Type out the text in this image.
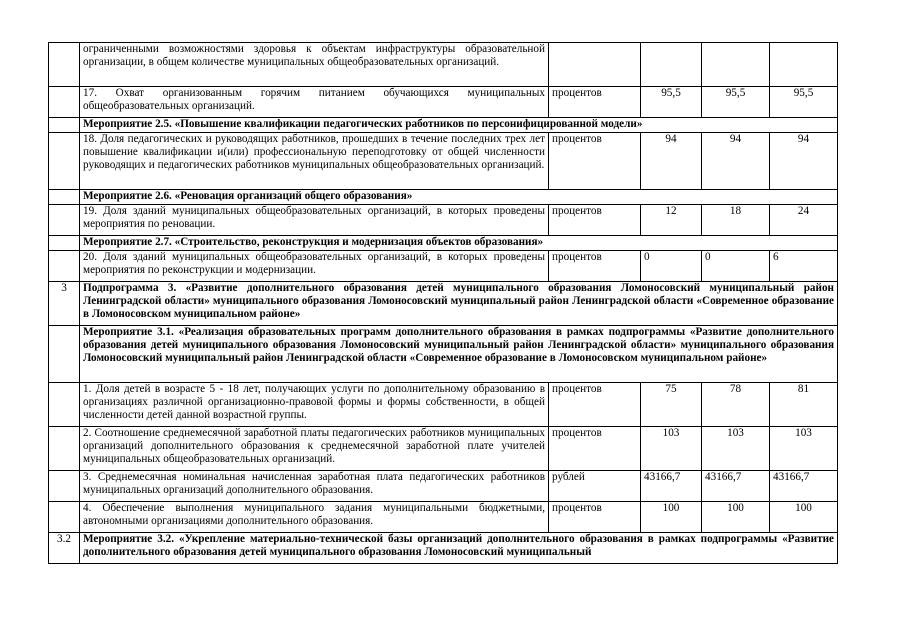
	ограниченными возможностями здоровья к объектам инфраструктуры образовательной организации, в общем количестве муниципальных общеобразовательных организаций.				
	17. Охват организованным горячим питанием обучающихся муниципальных общеобразовательных организаций.	процентов	95,5	95,5	95,5
	Мероприятие 2.5. «Повышение квалификации педагогических работников по персонифицированной модели»				
	18. Доля педагогических и руководящих работников, прошедших в течение последних трех лет повышение квалификации и(или) профессиональную переподготовку от общей численности руководящих и педагогических работников муниципальных общеобразовательных организаций.	процентов	94	94	94
	Мероприятие 2.6. «Реновация организаций общего образования»				
	19. Доля зданий муниципальных общеобразовательных организаций, в которых проведены мероприятия по реновации.	процентов	12	18	24
	Мероприятие 2.7. «Строительство, реконструкция и модернизация объектов образования»				
	20. Доля зданий муниципальных общеобразовательных организаций, в которых проведены мероприятия по реконструкции и модернизации.	процентов	0	0	6
3	Подпрограмма 3. «Развитие дополнительного образования детей муниципального образования Ломоносовский муниципальный район Ленинградской области» муниципального образования Ломоносовский муниципальный район Ленинградской области «Современное образование в Ломоносовском муниципальном районе»				
	Мероприятие 3.1. «Реализация образовательных программ дополнительного образования в рамках подпрограммы «Развитие дополнительного образования детей муниципального образования Ломоносовский муниципальный район Ленинградской области» муниципального образования Ломоносовский муниципальный район Ленинградской области «Современное образование в Ломоносовском муниципальном районе»				
	1. Доля детей в возрасте 5 - 18 лет, получающих услуги по дополнительному образованию в организациях различной организационно-правовой формы и формы собственности, в общей численности детей данной возрастной группы.	процентов	75	78	81
	2. Соотношение среднемесячной заработной платы педагогических работников муниципальных организаций дополнительного образования к среднемесячной заработной плате учителей муниципальных общеобразовательных организаций.	процентов	103	103	103
	3. Среднемесячная номинальная начисленная заработная плата педагогических работников муниципальных организаций дополнительного образования.	рублей	43166,7	43166,7	43166,7
	4. Обеспечение выполнения муниципального задания муниципальными бюджетными, автономными организациями дополнительного образования.	процентов	100	100	100
3.2	Мероприятие 3.2. «Укрепление материально-технической базы организаций дополнительного образования в рамках подпрограммы «Развитие дополнительного образования детей муниципального образования Ломоносовский муниципальный				
